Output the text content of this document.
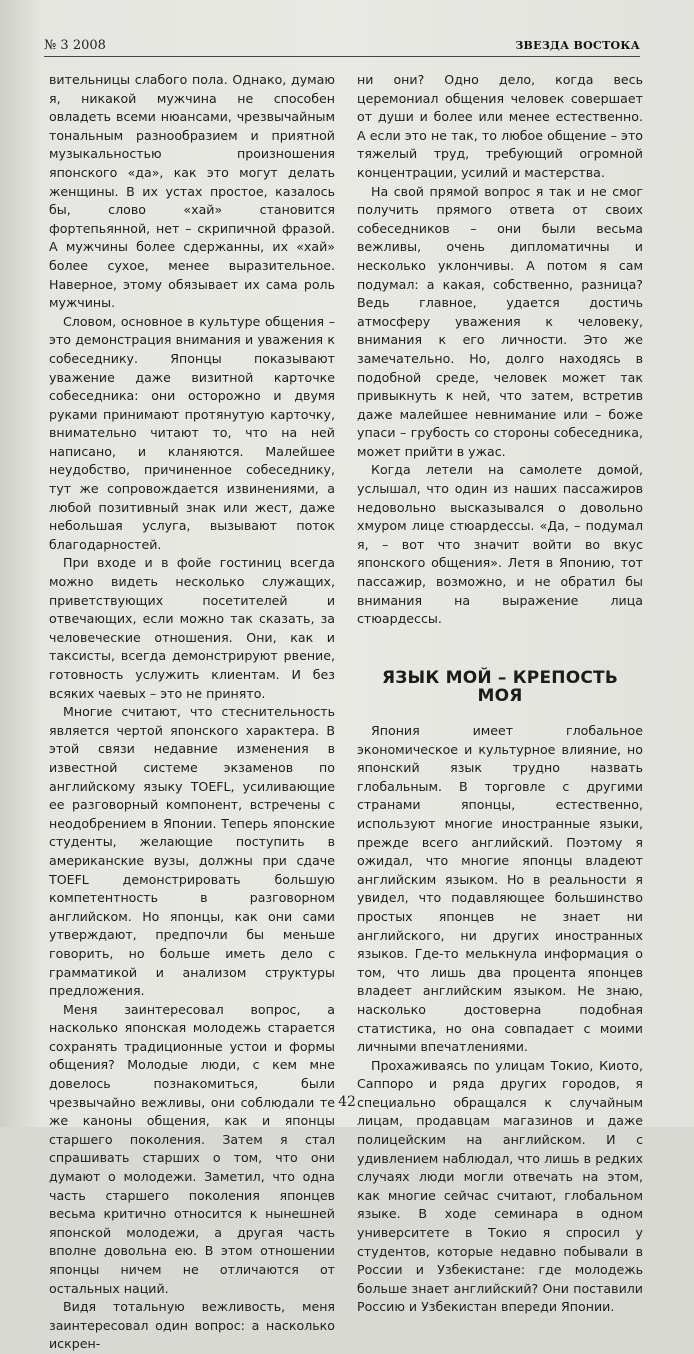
№ 3 2008	ЗВЕЗДА ВОСТОКА

вительницы слабого пола. Однако, думаю я, никакой мужчина не способен овладеть всеми нюансами, чрезвычайным тональным разнообразием и приятной музыкальностью произношения японского «да», как это могут делать женщины. В их устах простое, казалось бы, слово «хай» становится фортепьянной, нет – скрипичной фразой. А мужчины более сдержанны, их «хай» более сухое, менее выразительное. Наверное, этому обязывает их сама роль мужчины.

Словом, основное в культуре общения – это демонстрация внимания и уважения к собеседнику. Японцы показывают уважение даже визитной карточке собеседника: они осторожно и двумя руками принимают протянутую карточку, внимательно читают то, что на ней написано, и кланяются. Малейшее неудобство, причиненное собеседнику, тут же сопровождается извинениями, а любой позитивный знак или жест, даже небольшая услуга, вызывают поток благодарностей.

При входе и в фойе гостиниц всегда можно видеть несколько служащих, приветствующих посетителей и отвечающих, если можно так сказать, за человеческие отношения. Они, как и таксисты, всегда демонстрируют рвение, готовность услужить клиентам. И без всяких чаевых – это не принято.

Многие считают, что стеснительность является чертой японского характера. В этой связи недавние изменения в известной системе экзаменов по английскому языку TOEFL, усиливающие ее разговорный компонент, встречены с неодобрением в Японии. Теперь японские студенты, желающие поступить в американские вузы, должны при сдаче TOEFL демонстрировать большую компетентность в разговорном английском. Но японцы, как они сами утверждают, предпочли бы меньше говорить, но больше иметь дело с грамматикой и анализом структуры предложения.

Меня заинтересовал вопрос, а насколько японская молодежь старается сохранять традиционные устои и формы общения? Молодые люди, с кем мне довелось познакомиться, были чрезвычайно вежливы, они соблюдали те же каноны общения, как и японцы старшего поколения. Затем я стал спрашивать старших о том, что они думают о молодежи. Заметил, что одна часть старшего поколения японцев весьма критично относится к нынешней японской молодежи, а другая часть вполне довольна ею. В этом отношении японцы ничем не отличаются от остальных наций.

Видя тотальную вежливость, меня заинтересовал один вопрос: а насколько искрен-

ни они? Одно дело, когда весь церемониал общения человек совершает от души и более или менее естественно. А если это не так, то любое общение – это тяжелый труд, требующий огромной концентрации, усилий и мастерства.

На свой прямой вопрос я так и не смог получить прямого ответа от своих собеседников – они были весьма вежливы, очень дипломатичны и несколько уклончивы. А потом я сам подумал: а какая, собственно, разница? Ведь главное, удается достичь атмосферу уважения к человеку, внимания к его личности. Это же замечательно. Но, долго находясь в подобной среде, человек может так привыкнуть к ней, что затем, встретив даже малейшее невнимание или – боже упаси – грубость со стороны собеседника, может прийти в ужас.

Когда летели на самолете домой, услышал, что один из наших пассажиров недовольно высказывался о довольно хмуром лице стюардессы. «Да, – подумал я, – вот что значит войти во вкус японского общения». Летя в Японию, тот пассажир, возможно, и не обратил бы внимания на выражение лица стюардессы.

ЯЗЫК МОЙ – КРЕПОСТЬ МОЯ

Япония имеет глобальное экономическое и культурное влияние, но японский язык трудно назвать глобальным. В торговле с другими странами японцы, естественно, используют многие иностранные языки, прежде всего английский. Поэтому я ожидал, что многие японцы владеют английским языком. Но в реальности я увидел, что подавляющее большинство простых японцев не знает ни английского, ни других иностранных языков. Где-то мелькнула информация о том, что лишь два процента японцев владеет английским языком. Не знаю, насколько достоверна подобная статистика, но она совпадает с моими личными впечатлениями.

Прохаживаясь по улицам Токио, Киото, Саппоро и ряда других городов, я специально обращался к случайным лицам, продавцам магазинов и даже полицейским на английском. И с удивлением наблюдал, что лишь в редких случаях люди могли отвечать на этом, как многие сейчас считают, глобальном языке. В ходе семинара в одном университете в Токио я спросил у студентов, которые недавно побывали в России и Узбекистане: где молодежь больше знает английский? Они поставили Россию и Узбекистан впереди Японии.

42
